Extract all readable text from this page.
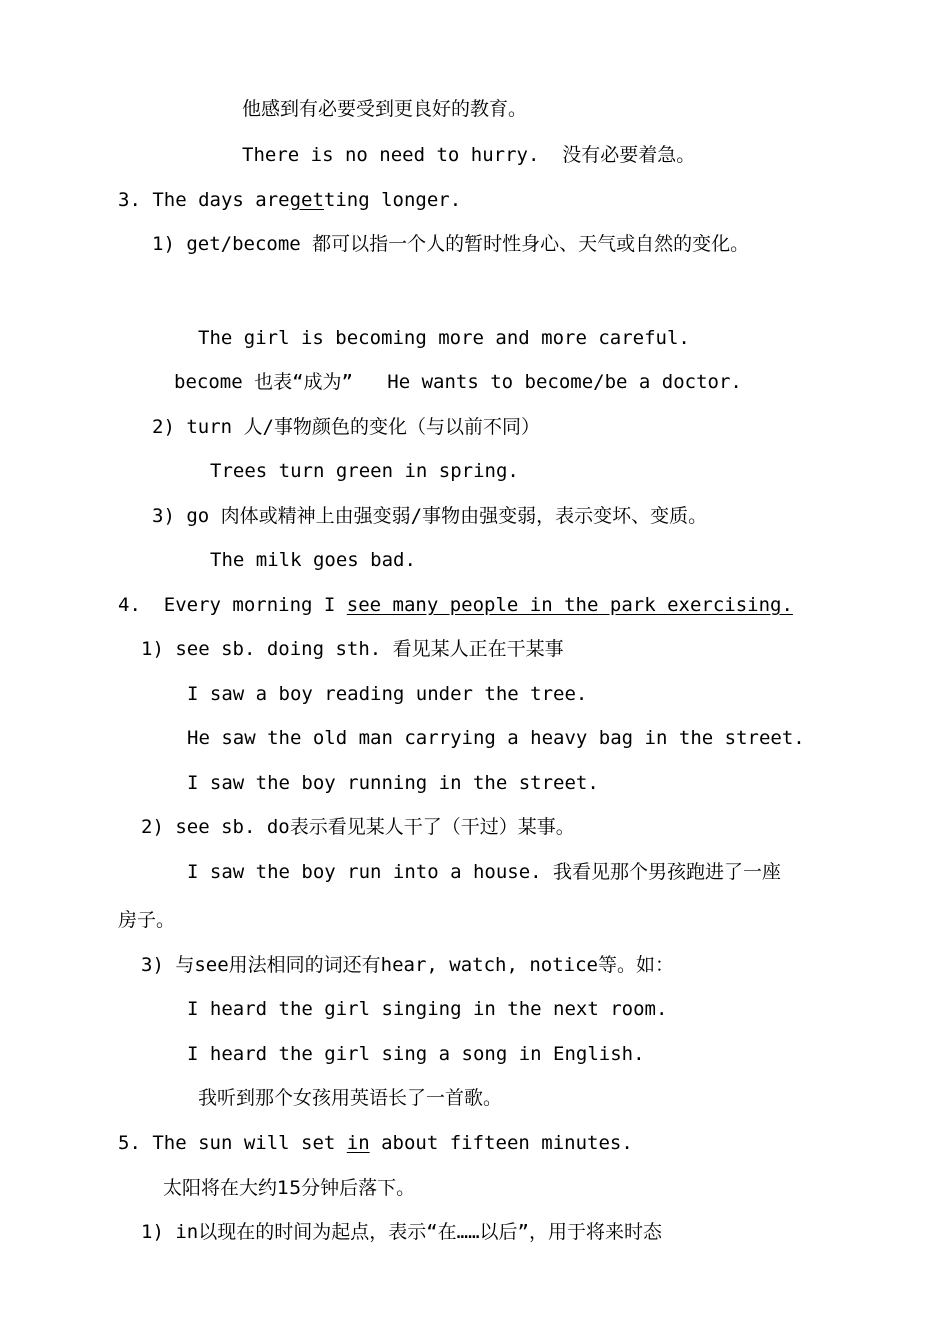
他感到有必要受到更良好的教育。
There is no need to hurry.  没有必要着急。
3. The days aregetting longer.
1) get/become 都可以指一个人的暂时性身心、天气或自然的变化。
The girl is becoming more and more careful.
become 也表“成为”   He wants to become/be a doctor.
2) turn 人/事物颜色的变化（与以前不同）
Trees turn green in spring.
3) go 肉体或精神上由强变弱/事物由强变弱，表示变坏、变质。
The milk goes bad.
4.  Every morning I see many people in the park exercising.
1) see sb. doing sth. 看见某人正在干某事
I saw a boy reading under the tree.
He saw the old man carrying a heavy bag in the street.
I saw the boy running in the street.
2) see sb. do表示看见某人干了（干过）某事。
I saw the boy run into a house. 我看见那个男孩跑进了一座
房子。
3) 与see用法相同的词还有hear, watch, notice等。如：
I heard the girl singing in the next room.
I heard the girl sing a song in English.
我听到那个女孩用英语长了一首歌。
5. The sun will set in about fifteen minutes.
太阳将在大约15分钟后落下。
1) in以现在的时间为起点，表示“在……以后”，用于将来时态
